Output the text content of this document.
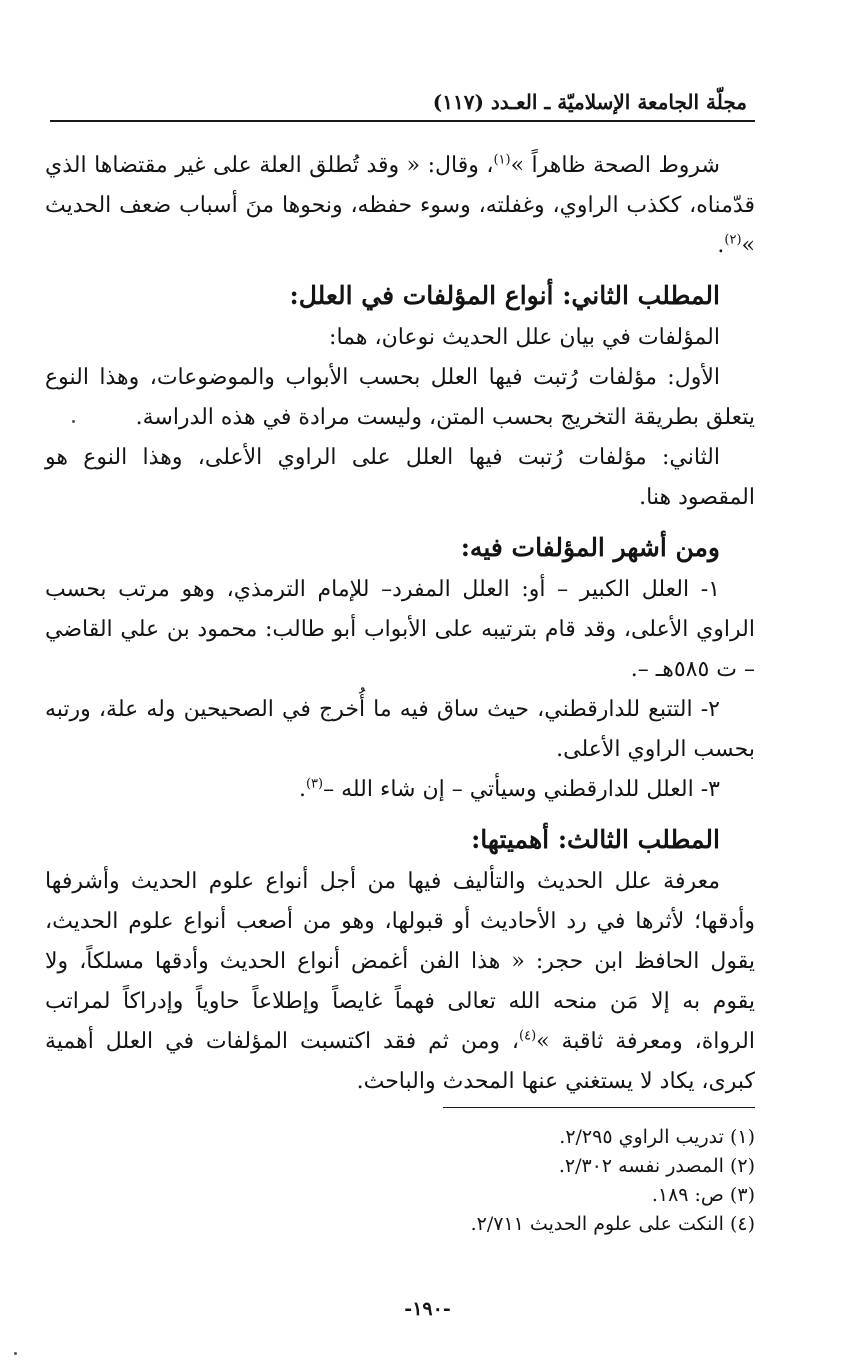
مجلّة الجامعة الإسلاميّة ـ العـدد (١١٧)

شروط الصحة ظاهراً »$^{(١)}$، وقال: « وقد تُطلق العلة على غير مقتضاها الذي قدّمناه، ككذب الراوي، وغفلته، وسوء حفظه، ونحوها منَ أسباب ضعف الحديث »$^{(٢)}$.

المطلب الثاني: أنواع المؤلفات في العلل:

المؤلفات في بيان علل الحديث نوعان، هما:

الأول: مؤلفات رُتبت فيها العلل بحسب الأبواب والموضوعات، وهذا النوع يتعلق بطريقة التخريج بحسب المتن، وليست مرادة في هذه الدراسة.

الثاني: مؤلفات رُتبت فيها العلل على الراوي الأعلى، وهذا النوع هو المقصود هنا.

ومن أشهر المؤلفات فيه:

١- العلل الكبير – أو: العلل المفرد– للإمام الترمذي، وهو مرتب بحسب الراوي الأعلى، وقد قام بترتيبه على الأبواب أبو طالب: محمود بن علي القاضي – ت ٥٨٥هـ –.

٢- التتبع للدارقطني، حيث ساق فيه ما أُخرج في الصحيحين وله علة، ورتبه بحسب الراوي الأعلى.

٣- العلل للدارقطني وسيأتي – إن شاء الله –$^{(٣)}$.

المطلب الثالث: أهميتها:

معرفة علل الحديث والتأليف فيها من أجل أنواع علوم الحديث وأشرفها وأدقها؛ لأثرها في رد الأحاديث أو قبولها، وهو من أصعب أنواع علوم الحديث، يقول الحافظ ابن حجر: « هذا الفن أغمض أنواع الحديث وأدقها مسلكاً، ولا يقوم به إلا مَن منحه الله تعالى فهماً غايصاً وإطلاعاً حاوياً وإدراكاً لمراتب الرواة، ومعرفة ثاقبة »$^{(٤)}$، ومن ثم فقد اكتسبت المؤلفات في العلل أهمية كبرى، يكاد لا يستغني عنها المحدث والباحث.

(١) تدريب الراوي ٢/٢٩٥.

(٢) المصدر نفسه ٢/٣٠٢.

(٣) ص: ١٨٩.

(٤) النكت على علوم الحديث ٢/٧١١.

-١٩٠-
